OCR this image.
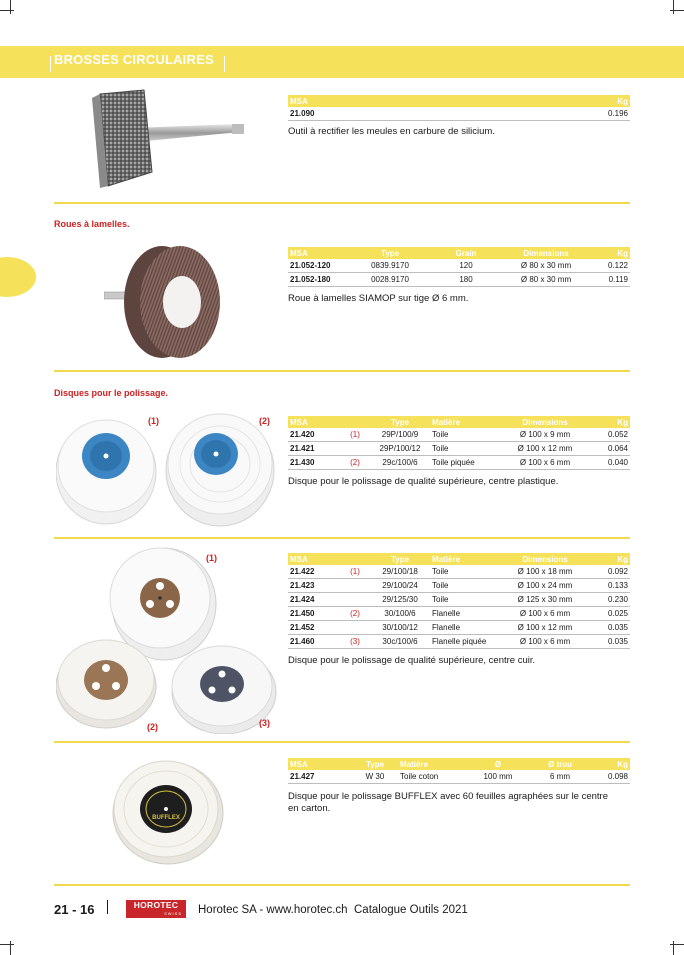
BROSSES CIRCULAIRES
MSA	Kg
21.090	0.196
Outil à rectifier les meules en carbure de silicium.
Roues à lamelles.
MSA	Type	Grain	Dimensions	Kg
21.052-120	0839.9170	120	Ø 80 x 30 mm	0.122
21.052-180	0028.9170	180	Ø 80 x 30 mm	0.119
Roue à lamelles SIAMOP sur tige Ø 6 mm.
Disques pour le polissage.
(1)	(2)	MSA		Type	Matière	Dimensions	Kg
21.420	(1)	29P/100/9	Toile	Ø 100 x 9 mm	0.052
21.421		29P/100/12	Toile	Ø 100 x 12 mm	0.064
21.430	(2)	29c/100/6	Toile piquée	Ø 100 x 6 mm	0.040
Disque pour le polissage de qualité supérieure, centre plastique.
(1)
(2)	(3)
MSA		Type	Matière	Dimensions	Kg
21.422	(1)	29/100/18	Toile	Ø 100 x 18 mm	0.092
21.423		29/100/24	Toile	Ø 100 x 24 mm	0.133
21.424		29/125/30	Toile	Ø 125 x 30 mm	0.230
21.450	(2)	30/100/6	Flanelle	Ø 100 x 6 mm	0.025
21.452		30/100/12	Flanelle	Ø 100 x 12 mm	0.035
21.460	(3)	30c/100/6	Flanelle piquée	Ø 100 x 6 mm	0.035
Disque pour le polissage de qualité supérieure, centre cuir.
BUFFLEX
MSA	Type	Matière	Ø	Ø trou	Kg
21.427	W 30	Toile coton	100 mm	6 mm	0.098
Disque pour le polissage BUFFLEX avec 60 feuilles agraphées sur le centre
en carton.
21 - 16	HOROTEC
SWISS	Horotec SA - www.horotec.ch Catalogue Outils 2021
